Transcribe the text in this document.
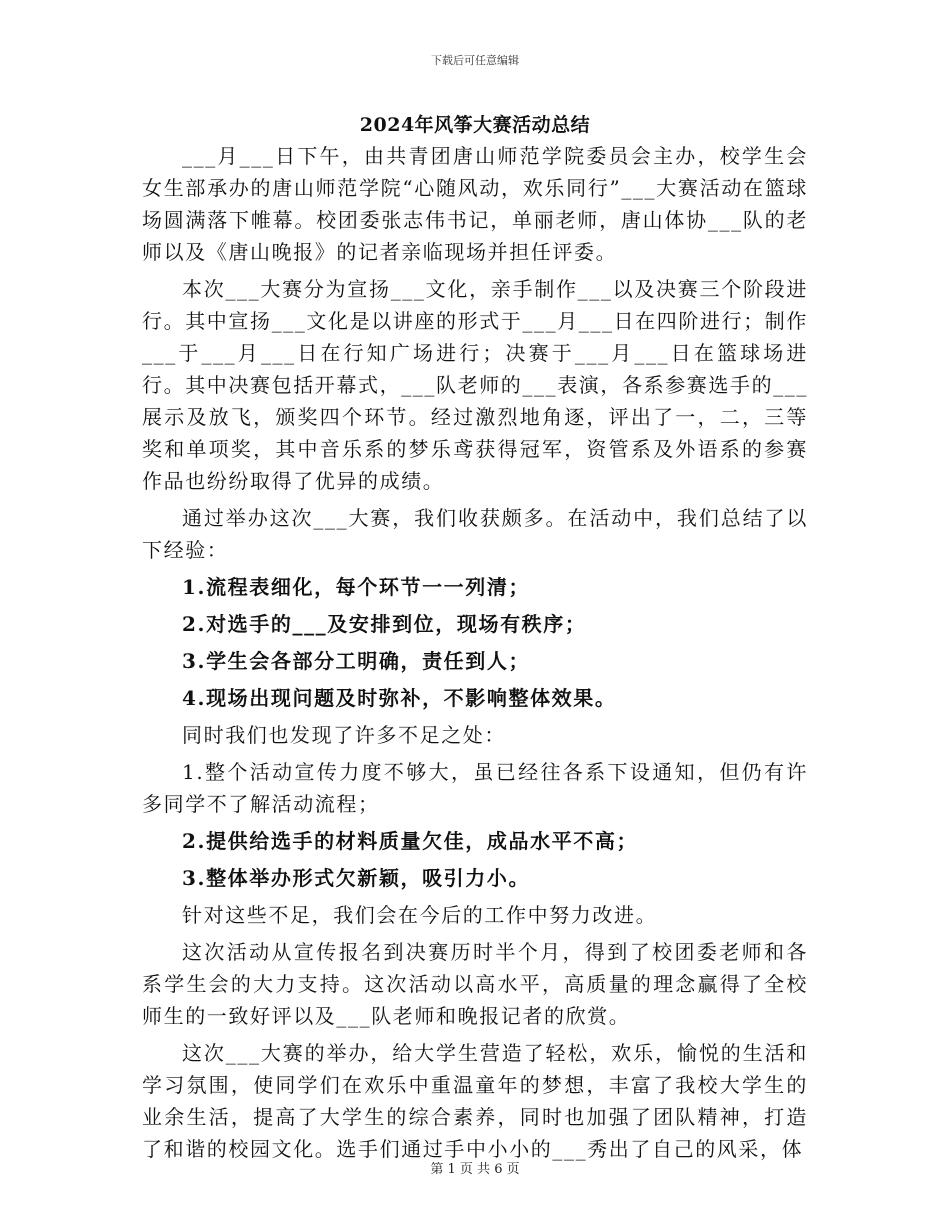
下载后可任意编辑
2024年风筝大赛活动总结

___月___日下午，由共青团唐山师范学院委员会主办，校学生会女生部承办的唐山师范学院“心随风动，欢乐同行”___大赛活动在篮球场圆满落下帷幕。校团委张志伟书记，单丽老师，唐山体协___队的老师以及《唐山晚报》的记者亲临现场并担任评委。

本次___大赛分为宣扬___文化，亲手制作___以及决赛三个阶段进行。其中宣扬___文化是以讲座的形式于___月___日在四阶进行；制作___于___月___日在行知广场进行；决赛于___月___日在篮球场进行。其中决赛包括开幕式，___队老师的___表演，各系参赛选手的___展示及放飞，颁奖四个环节。经过激烈地角逐，评出了一，二，三等奖和单项奖，其中音乐系的梦乐鸢获得冠军，资管系及外语系的参赛作品也纷纷取得了优异的成绩。

通过举办这次___大赛，我们收获颇多。在活动中，我们总结了以下经验：

1.流程表细化，每个环节一一列清；

2.对选手的___及安排到位，现场有秩序；

3.学生会各部分工明确，责任到人；

4.现场出现问题及时弥补，不影响整体效果。

同时我们也发现了许多不足之处：

1.整个活动宣传力度不够大，虽已经往各系下设通知，但仍有许多同学不了解活动流程；

2.提供给选手的材料质量欠佳，成品水平不高；

3.整体举办形式欠新颖，吸引力小。

针对这些不足，我们会在今后的工作中努力改进。

这次活动从宣传报名到决赛历时半个月，得到了校团委老师和各系学生会的大力支持。这次活动以高水平，高质量的理念赢得了全校师生的一致好评以及___队老师和晚报记者的欣赏。

这次___大赛的举办，给大学生营造了轻松，欢乐，愉悦的生活和学习氛围，使同学们在欢乐中重温童年的梦想，丰富了我校大学生的业余生活，提高了大学生的综合素养，同时也加强了团队精神，打造了和谐的校园文化。选手们通过手中小小的___秀出了自己的风采，体

第 1 页 共 6 页
